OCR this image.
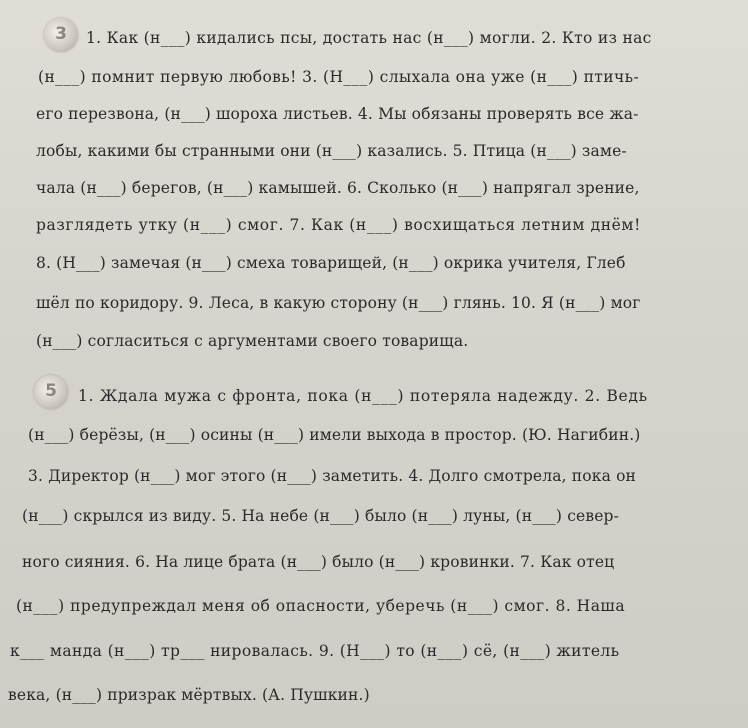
3	1. Как (н___) кидались псы, достать нас (н___) могли. 2. Кто из нас
(н___) помнит первую любовь! 3. (Н___) слыхала она уже (н___) птичь-
его перезвона, (н___) шороха листьев. 4. Мы обязаны проверять все жа-
лобы, какими бы странными они (н___) казались. 5. Птица (н___) заме-
чала (н___) берегов, (н___) камышей. 6. Сколько (н___) напрягал зрение,
разглядеть утку (н___) смог. 7. Как (н___) восхищаться летним днём!
8. (Н___) замечая (н___) смеха товарищей, (н___) окрика учителя, Глеб
шёл по коридору. 9. Леса, в какую сторону (н___) глянь. 10. Я (н___) мог
(н___) согласиться с аргументами своего товарища.
5	1. Ждала мужа с фронта, пока (н___) потеряла надежду. 2. Ведь
(н___) берёзы, (н___) осины (н___) имели выхода в простор. (Ю. Нагибин.)
3. Директор (н___) мог этого (н___) заметить. 4. Долго смотрела, пока он
(н___) скрылся из виду. 5. На небе (н___) было (н___) луны, (н___) север-
ного сияния. 6. На лице брата (н___) было (н___) кровинки. 7. Как отец
(н___) предупреждал меня об опасности, уберечь (н___) смог. 8. Наша
к___ манда (н___) тр___ нировалась. 9. (Н___) то (н___) сё, (н___) житель
века, (н___) призрак мёртвых. (А. Пушкин.)
